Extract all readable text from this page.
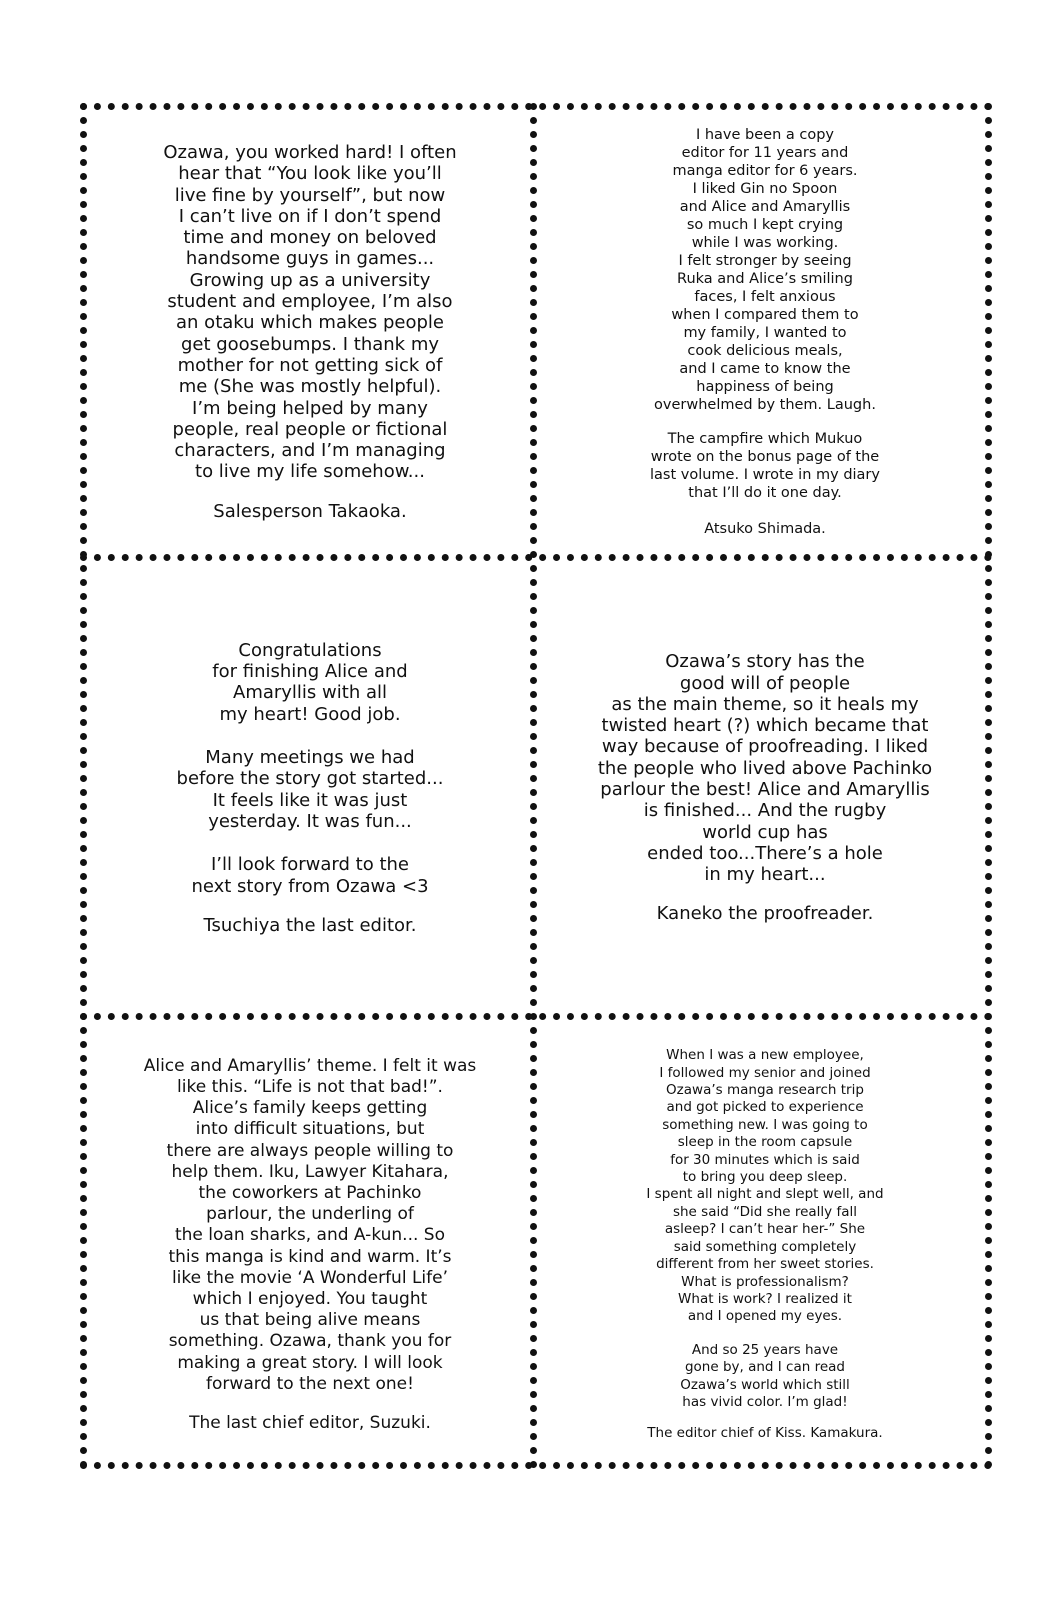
Ozawa, you worked hard! I often
hear that “You look like you’ll
live fine by yourself”, but now
I can’t live on if I don’t spend
time and money on beloved
handsome guys in games...
Growing up as a university
student and employee, I’m also
an otaku which makes people
get goosebumps. I thank my
mother for not getting sick of
me (She was mostly helpful).
I’m being helped by many
people, real people or fictional
characters, and I’m managing
to live my life somehow...

Salesperson Takaoka.

I have been a copy
editor for 11 years and
manga editor for 6 years.
I liked Gin no Spoon
and Alice and Amaryllis
so much I kept crying
while I was working.
I felt stronger by seeing
Ruka and Alice’s smiling
faces, I felt anxious
when I compared them to
my family, I wanted to
cook delicious meals,
and I came to know the
happiness of being
overwhelmed by them. Laugh.

The campfire which Mukuo
wrote on the bonus page of the
last volume. I wrote in my diary
that I’ll do it one day.

Atsuko Shimada.

Congratulations
for finishing Alice and
Amaryllis with all
my heart! Good job.

Many meetings we had
before the story got started...
It feels like it was just
yesterday. It was fun...

I’ll look forward to the
next story from Ozawa <3

Tsuchiya the last editor.

Ozawa’s story has the
good will of people
as the main theme, so it heals my
twisted heart (?) which became that
way because of proofreading. I liked
the people who lived above Pachinko
parlour the best! Alice and Amaryllis
is finished... And the rugby
world cup has
ended too...There’s a hole
in my heart...

Kaneko the proofreader.

Alice and Amaryllis’ theme. I felt it was
like this. “Life is not that bad!”.
Alice’s family keeps getting
into difficult situations, but
there are always people willing to
help them. Iku, Lawyer Kitahara,
the coworkers at Pachinko
parlour, the underling of
the loan sharks, and A-kun... So
this manga is kind and warm. It’s
like the movie ‘A Wonderful Life’
which I enjoyed. You taught
us that being alive means
something. Ozawa, thank you for
making a great story. I will look
forward to the next one!

The last chief editor, Suzuki.

When I was a new employee,
I followed my senior and joined
Ozawa’s manga research trip
and got picked to experience
something new. I was going to
sleep in the room capsule
for 30 minutes which is said
to bring you deep sleep.
I spent all night and slept well, and
she said “Did she really fall
asleep? I can’t hear her-” She
said something completely
different from her sweet stories.
What is professionalism?
What is work? I realized it
and I opened my eyes.

And so 25 years have
gone by, and I can read
Ozawa’s world which still
has vivid color. I’m glad!

The editor chief of Kiss. Kamakura.
